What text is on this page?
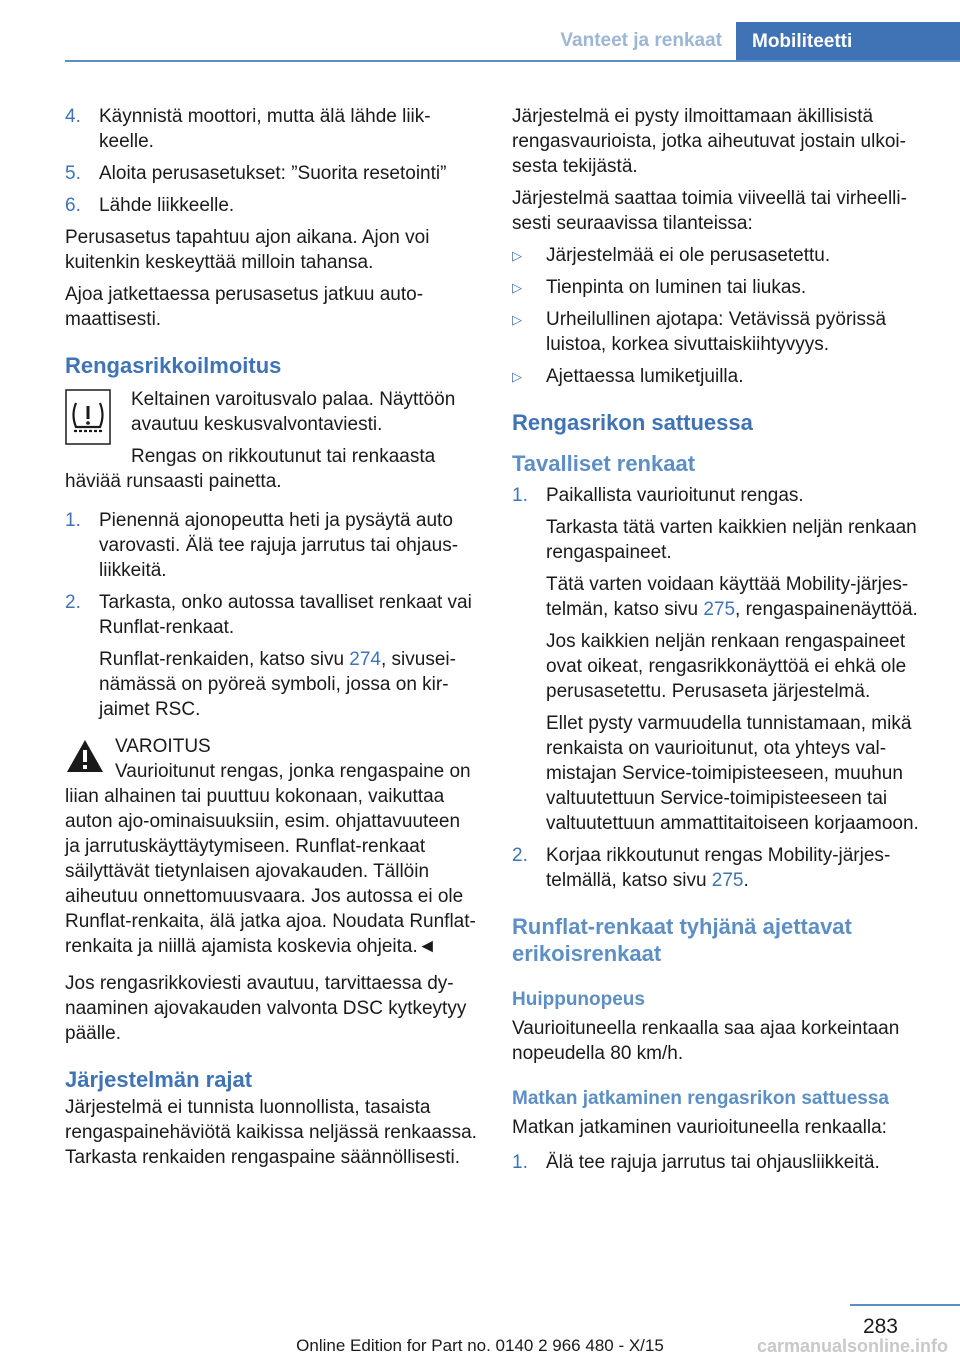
Vanteet ja renkaat	Mobiliteetti
4. Käynnistä moottori, mutta älä lähde liikkeelle.
5. Aloita perusasetukset: ”Suorita resetointi”
6. Lähde liikkeelle.

Perusasetus tapahtuu ajon aikana. Ajon voi kuitenkin keskeyttää milloin tahansa.

Ajoa jatkettaessa perusasetus jatkuu automaattisesti.

Rengasrikkoilmoitus

Keltainen varoitusvalo palaa. Näyttöön avautuu keskusvalvontaviesti.

Rengas on rikkoutunut tai renkaasta häviää runsaasti painetta.

1. Pienennä ajonopeutta heti ja pysäytä auto varovasti. Älä tee rajuja jarrutus tai ohjausliikkeitä.
2. Tarkasta, onko autossa tavalliset renkaat vai Runflat-renkaat.

Runflat-renkaiden, katso sivu 274, sivuseinämässä on pyöreä symboli, jossa on kirjaimet RSC.

VAROITUS

Vaurioitunut rengas, jonka rengaspaine on liian alhainen tai puuttuu kokonaan, vaikuttaa auton ajo-ominaisuuksiin, esim. ohjattavuuteen ja jarrutuskäyttäytymiseen. Runflat-renkaat säilyttävät tietynlaisen ajovakauden. Tällöin aiheutuu onnettomuusvaara. Jos autossa ei ole Runflat-renkaita, älä jatka ajoa. Noudata Runflat-renkaita ja niillä ajamista koskevia ohjeita.◄

Jos rengasrikkoviesti avautuu, tarvittaessa dynaaminen ajovakauden valvonta DSC kytkeytyy päälle.

Järjestelmän rajat

Järjestelmä ei tunnista luonnollista, tasaista rengaspainehäviötä kaikissa neljässä renkaassa. Tarkasta renkaiden rengaspaine säännöllisesti.

Järjestelmä ei pysty ilmoittamaan äkillisistä rengasvaurioista, jotka aiheutuvat jostain ulkoisesta tekijästä.

Järjestelmä saattaa toimia viiveellä tai virheellisesti seuraavissa tilanteissa:

▷ Järjestelmää ei ole perusasetettu.
▷ Tienpinta on luminen tai liukas.
▷ Urheilullinen ajotapa: Vetävissä pyörissä luistoa, korkea sivuttaiskiihtyvyys.
▷ Ajettaessa lumiketjuilla.
Rengasrikon sattuessa
Tavalliset renkaat
1. Paikallista vaurioitunut rengas.

Tarkasta tätä varten kaikkien neljän renkaan rengaspaineet.

Tätä varten voidaan käyttää Mobility-järjestelmän, katso sivu 275, rengaspainenäyttöä.

Jos kaikkien neljän renkaan rengaspaineet ovat oikeat, rengasrikkonäyttöä ei ehkä ole perusasetettu. Perusaseta järjestelmä.

Ellet pysty varmuudella tunnistamaan, mikä renkaista on vaurioitunut, ota yhteys valmistajan Service-toimipisteeseen, muuhun valtuutettuun Service-toimipisteeseen tai valtuutettuun ammattitaitoiseen korjaamoon.

2. Korjaa rikkoutunut rengas Mobility-järjestelmällä, katso sivu 275.

Runflat-renkaat tyhjänä ajettavat erikoisrenkaat
Huippunopeus

Vaurioituneella renkaalla saa ajaa korkeintaan nopeudella 80 km/h.

Matkan jatkaminen rengasrikon sattuessa

Matkan jatkaminen vaurioituneella renkaalla:

1. Älä tee rajuja jarrutus tai ohjausliikkeitä.
283
Online Edition for Part no. 0140 2 966 480 - X/15	carmanualsonline.info
